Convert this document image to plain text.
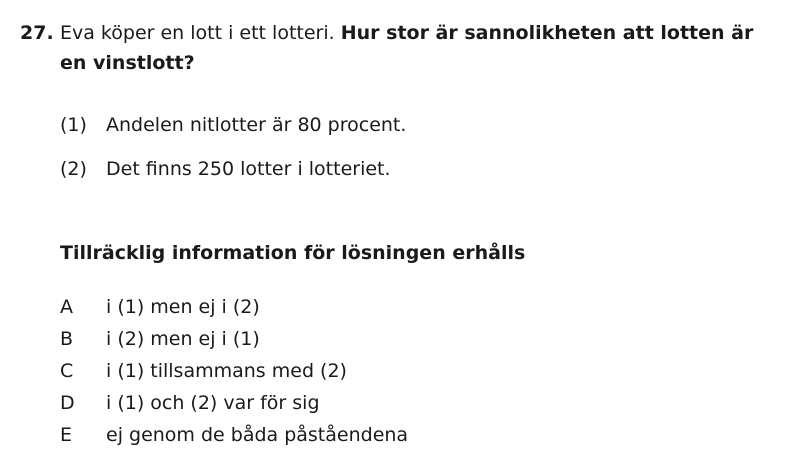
27. Eva köper en lott i ett lotteri. Hur stor är sannolikheten att lotten är en vinstlott?
(1)	Andelen nitlotter är 80 procent.
(2)	Det finns 250 lotter i lotteriet.
Tillräcklig information för lösningen erhålls
A	i (1) men ej i (2)
B	i (2) men ej i (1)
C	i (1) tillsammans med (2)
D	i (1) och (2) var för sig
E	ej genom de båda påståendena
